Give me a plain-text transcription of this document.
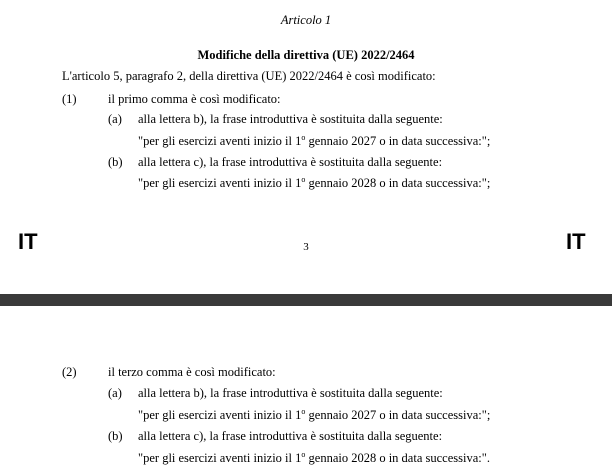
Articolo 1
Modifiche della direttiva (UE) 2022/2464
L'articolo 5, paragrafo 2, della direttiva (UE) 2022/2464 è così modificato:
(1)	il primo comma è così modificato:
(a) alla lettera b), la frase introduttiva è sostituita dalla seguente:
"per gli esercizi aventi inizio il 1$^o$ gennaio 2027 o in data successiva:";
(b) alla lettera c), la frase introduttiva è sostituita dalla seguente:
"per gli esercizi aventi inizio il 1$^o$ gennaio 2028 o in data successiva:";
IT	3	IT
(2)	il terzo comma è così modificato:
(a) alla lettera b), la frase introduttiva è sostituita dalla seguente:
"per gli esercizi aventi inizio il 1$^o$ gennaio 2027 o in data successiva:";
(b) alla lettera c), la frase introduttiva è sostituita dalla seguente:
"per gli esercizi aventi inizio il 1$^o$ gennaio 2028 o in data successiva:".
